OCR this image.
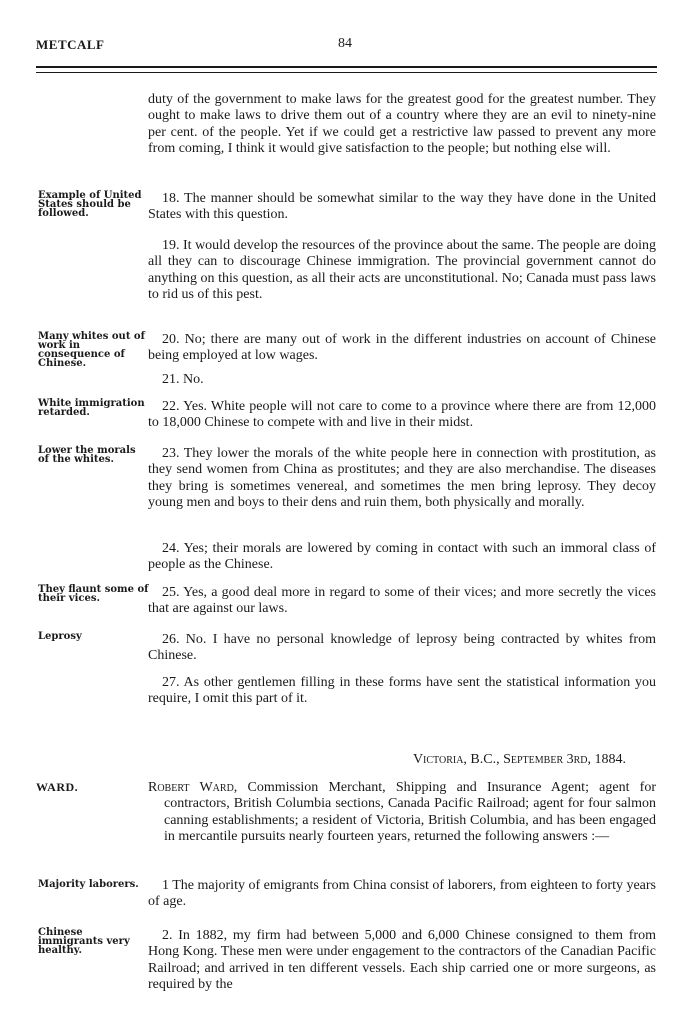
METCALF	84

duty of the government to make laws for the greatest good for the greatest number. They ought to make laws to drive them out of a country where they are an evil to ninety-nine per cent. of the people. Yet if we could get a restrictive law passed to prevent any more from coming, I think it would give satisfaction to the people; but nothing else will.

Example of United States should be followed.

18. The manner should be somewhat similar to the way they have done in the United States with this question.

19. It would develop the resources of the province about the same. The people are doing all they can to discourage Chinese immigration. The provincial government cannot do anything on this question, as all their acts are unconstitutional. No; Canada must pass laws to rid us of this pest.

Many whites out of work in consequence of Chinese.

20. No; there are many out of work in the different industries on account of Chinese being employed at low wages.

21. No.

White immigration retarded.	22. Yes. White people will not care to come to a province where there are from 12,000 to 18,000 Chinese to compete with and live in their midst.

Lower the morals of the whites.	23. They lower the morals of the white people here in connection with prostitution, as they send women from China as prostitutes; and they are also merchandise. The diseases they bring is sometimes venereal, and sometimes the men bring leprosy. They decoy young men and boys to their dens and ruin them, both physically and morally.

24. Yes; their morals are lowered by coming in contact with such an immoral class of people as the Chinese.

They flaunt some of their vices.	25. Yes, a good deal more in regard to some of their vices; and more secretly the vices that are against our laws.

Leprosy	26. No. I have no personal knowledge of leprosy being contracted by whites from Chinese.

27. As other gentlemen filling in these forms have sent the statistical information you require, I omit this part of it.

Victoria, B.C., September 3rd, 1884.

WARD.	Robert Ward, Commission Merchant, Shipping and Insurance Agent; agent for contractors, British Columbia sections, Canada Pacific Railroad; agent for four salmon canning establishments; a resident of Victoria, British Columbia, and has been engaged in mercantile pursuits nearly fourteen years, returned the following answers :—

Majority laborers.	1 The majority of emigrants from China consist of laborers, from eighteen to forty years of age.

Chinese immigrants very healthy.

2. In 1882, my firm had between 5,000 and 6,000 Chinese consigned to them from Hong Kong. These men were under engagement to the contractors of the Canadian Pacific Railroad; and arrived in ten different vessels. Each ship carried one or more surgeons, as required by the
